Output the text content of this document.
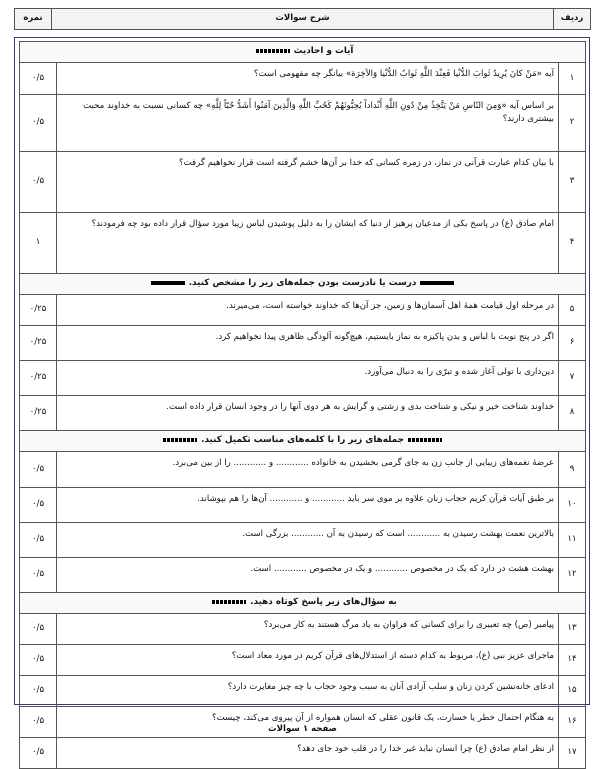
ردیف	شرح سوالات	نمره
آیات و احادیث		
۱	آیه «مَنْ كانَ يُرِيدُ ثَوابَ الدُّنْيا فَعِنْدَ اللَّهِ ثَوابُ الدُّنْيا وَالآخِرَة» بیانگر چه مفهومی است؟	۰/۵
۲	بر اساس آیه «وَمِنَ النّاسِ مَنْ يَتَّخِذُ مِنْ دُونِ اللَّهِ أَنْداداً يُحِبُّونَهُمْ كَحُبِّ اللَّهِ وَالَّذِينَ آمَنُوا أَشَدُّ حُبّاً لِلَّهِ» چه کسانی نسبت به خداوند محبت بیشتری دارند؟	۰/۵
۳	با بیان کدام عبارت قرآنی در نماز، در زمره کسانی که خدا بر آن‌ها خشم گرفته است قرار نخواهیم گرفت؟	۰/۵
۴	امام صادق (ع) در پاسخ یکی از مدعیان پرهیز از دنیا که ایشان را به دلیل پوشیدن لباس زیبا مورد سؤال قرار داده بود چه فرمودند؟	۱
درست یا نادرست بودن جمله‌های زیر را مشخص کنید.		
۵	در مرحله اول قیامت همهٔ اهل آسمان‌ها و زمین، جز آن‌ها که خداوند خواسته است، می‌میرند.	۰/۲۵
۶	اگر در پنج نوبت با لباس و بدن پاکیزه به نماز بایستیم، هیچ‌گونه آلودگی ظاهری پیدا نخواهیم کرد.	۰/۲۵
۷	دین‌داری با تولی آغاز شده و تبرّی را به دنبال می‌آورد.	۰/۲۵
۸	خداوند شناخت خیر و نیکی و شناخت بدی و زشتی و گرایش به هر دوی آنها را در وجود انسان قرار داده است.	۰/۲۵
جمله‌های زیر را با کلمه‌های مناسب تکمیل کنید.		
۹	عرضهٔ نغمه‌های زیبایی از جانب زن به جای گرمی بخشیدن به خانواده ............ و ............ را از بین می‌برد.	۰/۵
۱۰	بر طبق آیات قرآن کریم حجاب زنان علاوه بر موی سر باید ............ و ............ آن‌ها را هم بپوشاند.	۰/۵
۱۱	بالاترین نعمت بهشت رسیدن به ............ است که رسیدن به آن ............ بزرگی است.	۰/۵
۱۲	بهشت هشت در دارد که یک در مخصوص ............ و یک در مخصوص ............ است.	۰/۵
به سؤال‌های زیر پاسخ کوتاه دهید.		
۱۳	پیامبر (ص) چه تعبیری را برای کسانی که فراوان به یاد مرگ هستند به کار می‌برد؟	۰/۵
۱۴	ماجرای عزیز نبی (ع)، مربوط به کدام دسته از استدلال‌های قرآن کریم در مورد معاد است؟	۰/۵
۱۵	ادعای خانه‌نشین کردن زنان و سلب آزادی آنان به سبب وجود حجاب با چه چیز مغایرت دارد؟	۰/۵
۱۶	به هنگام احتمال خطر یا خسارت، یک قانون عقلی که انسان همواره از آن پیروی می‌کند، چیست؟	۰/۵
۱۷	از نظر امام صادق (ع) چرا انسان نباید غیر خدا را در قلب خود جای دهد؟	۰/۵
صفحه ۱ سوالات
